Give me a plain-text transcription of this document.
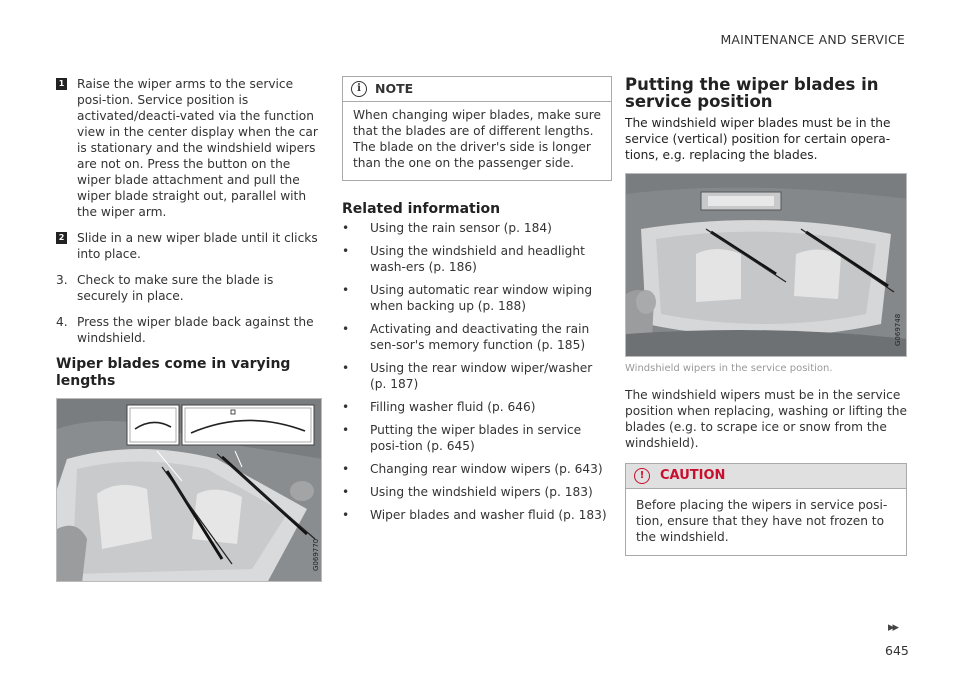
MAINTENANCE AND SERVICE
1 Raise the wiper arms to the service posi-tion. Service position is activated/deacti-vated via the function view in the center display when the car is stationary and the windshield wipers are not on. Press the button on the wiper blade attachment and pull the wiper blade straight out, parallel with the wiper arm.
2 Slide in a new wiper blade until it clicks into place.
3. Check to make sure the blade is securely in place.
4. Press the wiper blade back against the windshield.
Wiper blades come in varying lengths
G069770
i	NOTE
When changing wiper blades, make sure that the blades are of different lengths. The blade on the driver's side is longer than the one on the passenger side.
Related information
• Using the rain sensor (p. 184)
• Using the windshield and headlight wash-ers (p. 186)
• Using automatic rear window wiping when backing up (p. 188)
• Activating and deactivating the rain sen-sor's memory function (p. 185)
• Using the rear window wiper/washer (p. 187)
• Filling washer fluid (p. 646)
• Putting the wiper blades in service posi-tion (p. 645)
• Changing rear window wipers (p. 643)
• Using the windshield wipers (p. 183)
• Wiper blades and washer fluid (p. 183)
Putting the wiper blades in service position

The windshield wiper blades must be in the service (vertical) position for certain opera-tions, e.g. replacing the blades.

G069748
Windshield wipers in the service position.

The windshield wipers must be in the service position when replacing, washing or lifting the blades (e.g. to scrape ice or snow from the windshield).

!	CAUTION
Before placing the wipers in service posi-tion, ensure that they have not frozen to the windshield.
▸▸
645
